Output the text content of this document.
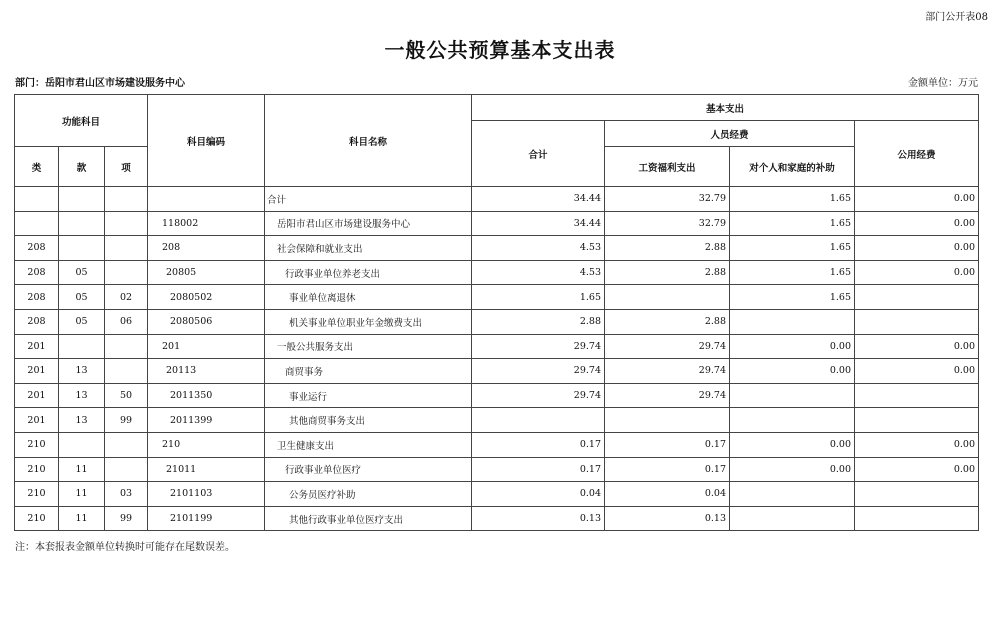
部门公开表08
一般公共预算基本支出表
部门：岳阳市君山区市场建设服务中心	金额单位：万元
功能科目			科目编码	科目名称	基本支出			
					合计	人员经费		公用经费
类	款	项				工资福利支出	对个人和家庭的补助	
				合计	34.44	32.79	1.65	0.00
			118002	岳阳市君山区市场建设服务中心	34.44	32.79	1.65	0.00
208			208	社会保障和就业支出	4.53	2.88	1.65	0.00
208	05		20805	行政事业单位养老支出	4.53	2.88	1.65	0.00
208	05	02	2080502	事业单位离退休	1.65		1.65	
208	05	06	2080506	机关事业单位职业年金缴费支出	2.88	2.88		
201			201	一般公共服务支出	29.74	29.74	0.00	0.00
201	13		20113	商贸事务	29.74	29.74	0.00	0.00
201	13	50	2011350	事业运行	29.74	29.74		
201	13	99	2011399	其他商贸事务支出				
210			210	卫生健康支出	0.17	0.17	0.00	0.00
210	11		21011	行政事业单位医疗	0.17	0.17	0.00	0.00
210	11	03	2101103	公务员医疗补助	0.04	0.04		
210	11	99	2101199	其他行政事业单位医疗支出	0.13	0.13		
注：本套报表金额单位转换时可能存在尾数误差。
